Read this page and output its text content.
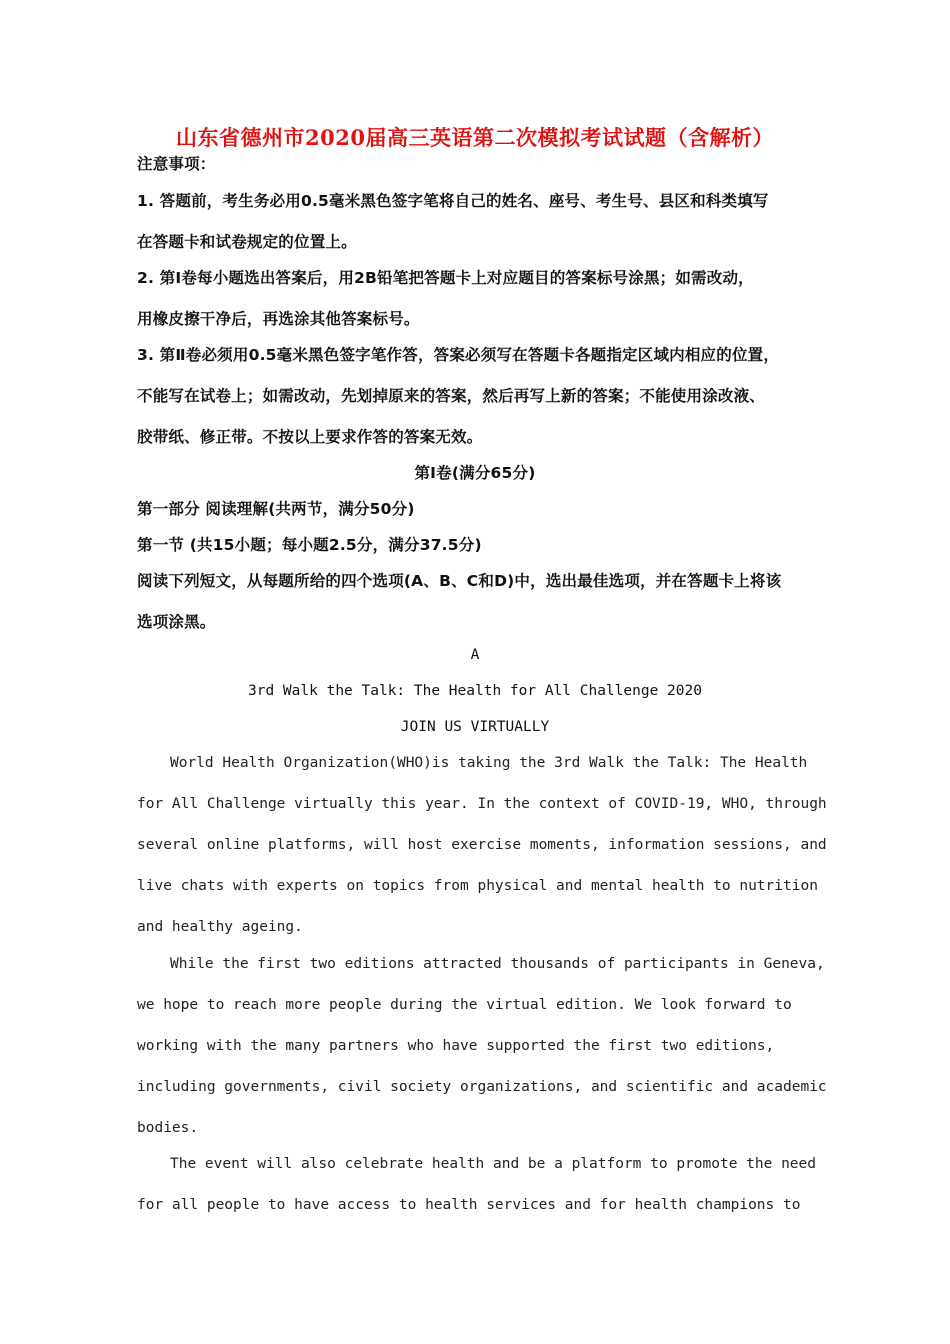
山东省德州市2020届高三英语第二次模拟考试试题（含解析）
注意事项：
1. 答题前，考生务必用0.5毫米黑色签字笔将自己的姓名、座号、考生号、县区和科类填写
在答题卡和试卷规定的位置上。
2. 第Ⅰ卷每小题选出答案后，用2B铅笔把答题卡上对应题目的答案标号涂黑；如需改动，
用橡皮擦干净后，再选涂其他答案标号。
3. 第Ⅱ卷必须用0.5毫米黑色签字笔作答，答案必须写在答题卡各题指定区域内相应的位置，
不能写在试卷上；如需改动，先划掉原来的答案，然后再写上新的答案；不能使用涂改液、
胶带纸、修正带。不按以上要求作答的答案无效。
第Ⅰ卷(满分65分)
第一部分 阅读理解(共两节，满分50分)
第一节 (共15小题；每小题2.5分，满分37.5分)
阅读下列短文，从每题所给的四个选项(A、B、C和D)中，选出最佳选项，并在答题卡上将该
选项涂黑。
A
3rd Walk the Talk: The Health for All Challenge 2020
JOIN US VIRTUALLY
World Health Organization(WHO)is taking the 3rd Walk the Talk: The Health
for All Challenge virtually this year. In the context of COVID-19, WHO, through
several online platforms, will host exercise moments, information sessions, and
live chats with experts on topics from physical and mental health to nutrition
and healthy ageing.
While the first two editions attracted thousands of participants in Geneva,
we hope to reach more people during the virtual edition. We look forward to
working with the many partners who have supported the first two editions,
including governments, civil society organizations, and scientific and academic
bodies.
The event will also celebrate health and be a platform to promote the need
for all people to have access to health services and for health champions to
